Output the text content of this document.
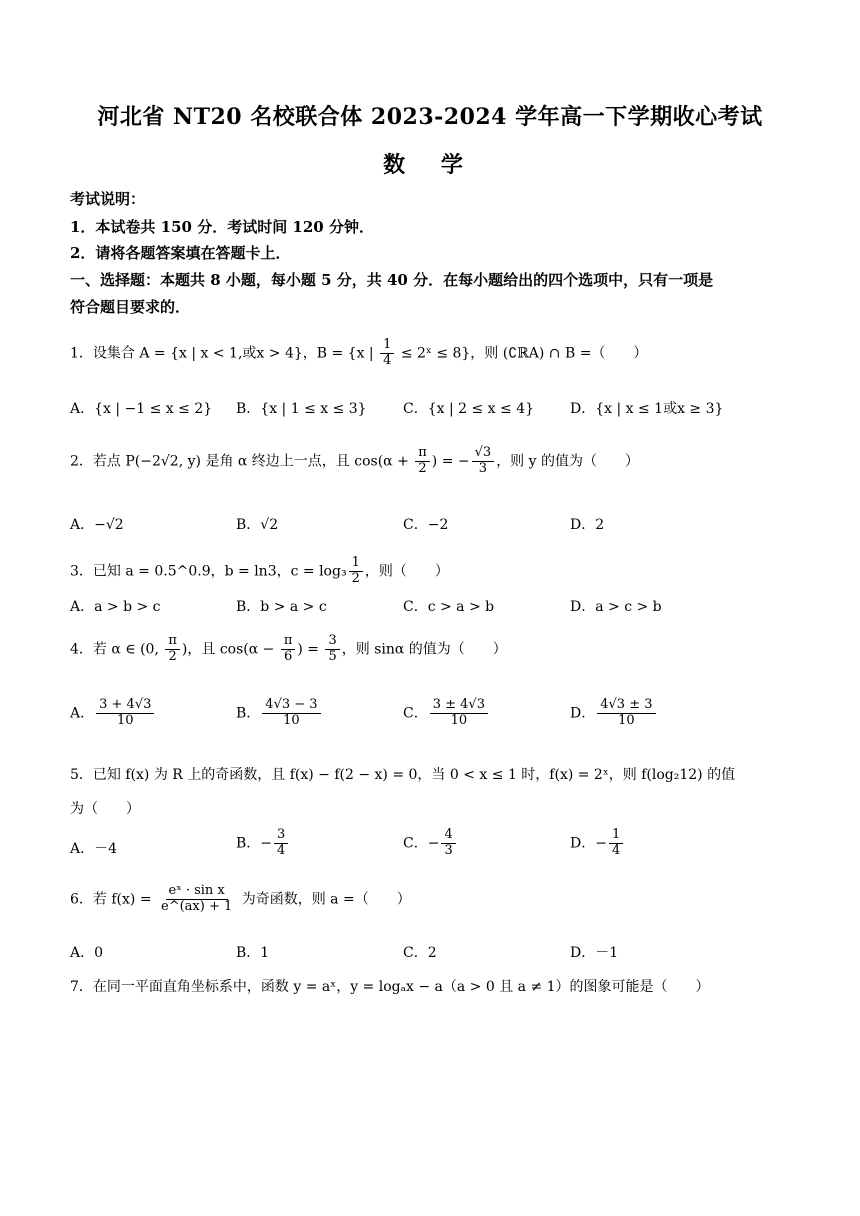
河北省 NT20 名校联合体 2023-2024 学年高一下学期收心考试
数 学
考试说明：
1．本试卷共 150 分．考试时间 120 分钟．
2．请将各题答案填在答题卡上．
一、选择题：本题共 8 小题，每小题 5 分，共 40 分．在每小题给出的四个选项中，只有一项是
符合题目要求的．
1．设集合 A = {x | x < 1,或x > 4}，B = {x | $\frac{1}{4}$ ≤ 2ˣ ≤ 8}，则 (∁ℝA) ∩ B =（　　）
A．{x | −1 ≤ x ≤ 2} B．{x | 1 ≤ x ≤ 3}	C．{x | 2 ≤ x ≤ 4}	D．{x | x ≤ 1或x ≥ 3}
2．若点 P(−2√2, y) 是角 α 终边上一点，且 $\cos(\alpha + \frac{\pi}{2}$ ) = − $\frac{√3}{3}$ ，则 y 的值为（　　）
A．−√2	B．√2	C．−2	D．2
3．已知 a = 0.5^0.9，b = ln3，$c = \log_3 \frac{1}{2}$ ，则（　　）
A．a > b > c	B．b > a > c	C．c > a > b	D．a > c > b
4．若 α ∈ (0, $\frac{\pi}{2}$ )，且 $\cos(\alpha - \frac{\pi}{6}$ ) = $\frac{3}{5}$ ，则 sinα 的值为（　　）
A． $\frac{3 + 4√3}{10}$	B． $\frac{4√3 - 3}{10}$	C． $\frac{3 \pm 4√3}{10}$	D． $\frac{4√3 \pm 3}{10}$
5．已知 f(x) 为 R 上的奇函数，且 f(x) − f(2 − x) = 0，当 0 < x ≤ 1 时，f(x) = 2ˣ，则 f(log₂12) 的值
为（　　）
A．－4	B．− $\frac{3}{4}$	C．− $\frac{4}{3}$	D．− $\frac{1}{4}$
6．若 $f(x) = \frac{\text{eˣ · sin x}}{e\^{}(ax) + 1}$ 为奇函数，则 a =（　　）
A．0	B．1	C．2	D．－1
7．在同一平面直角坐标系中，函数 y = aˣ，y = logₐx − a（a > 0 且 a ≠ 1）的图象可能是（　　）
